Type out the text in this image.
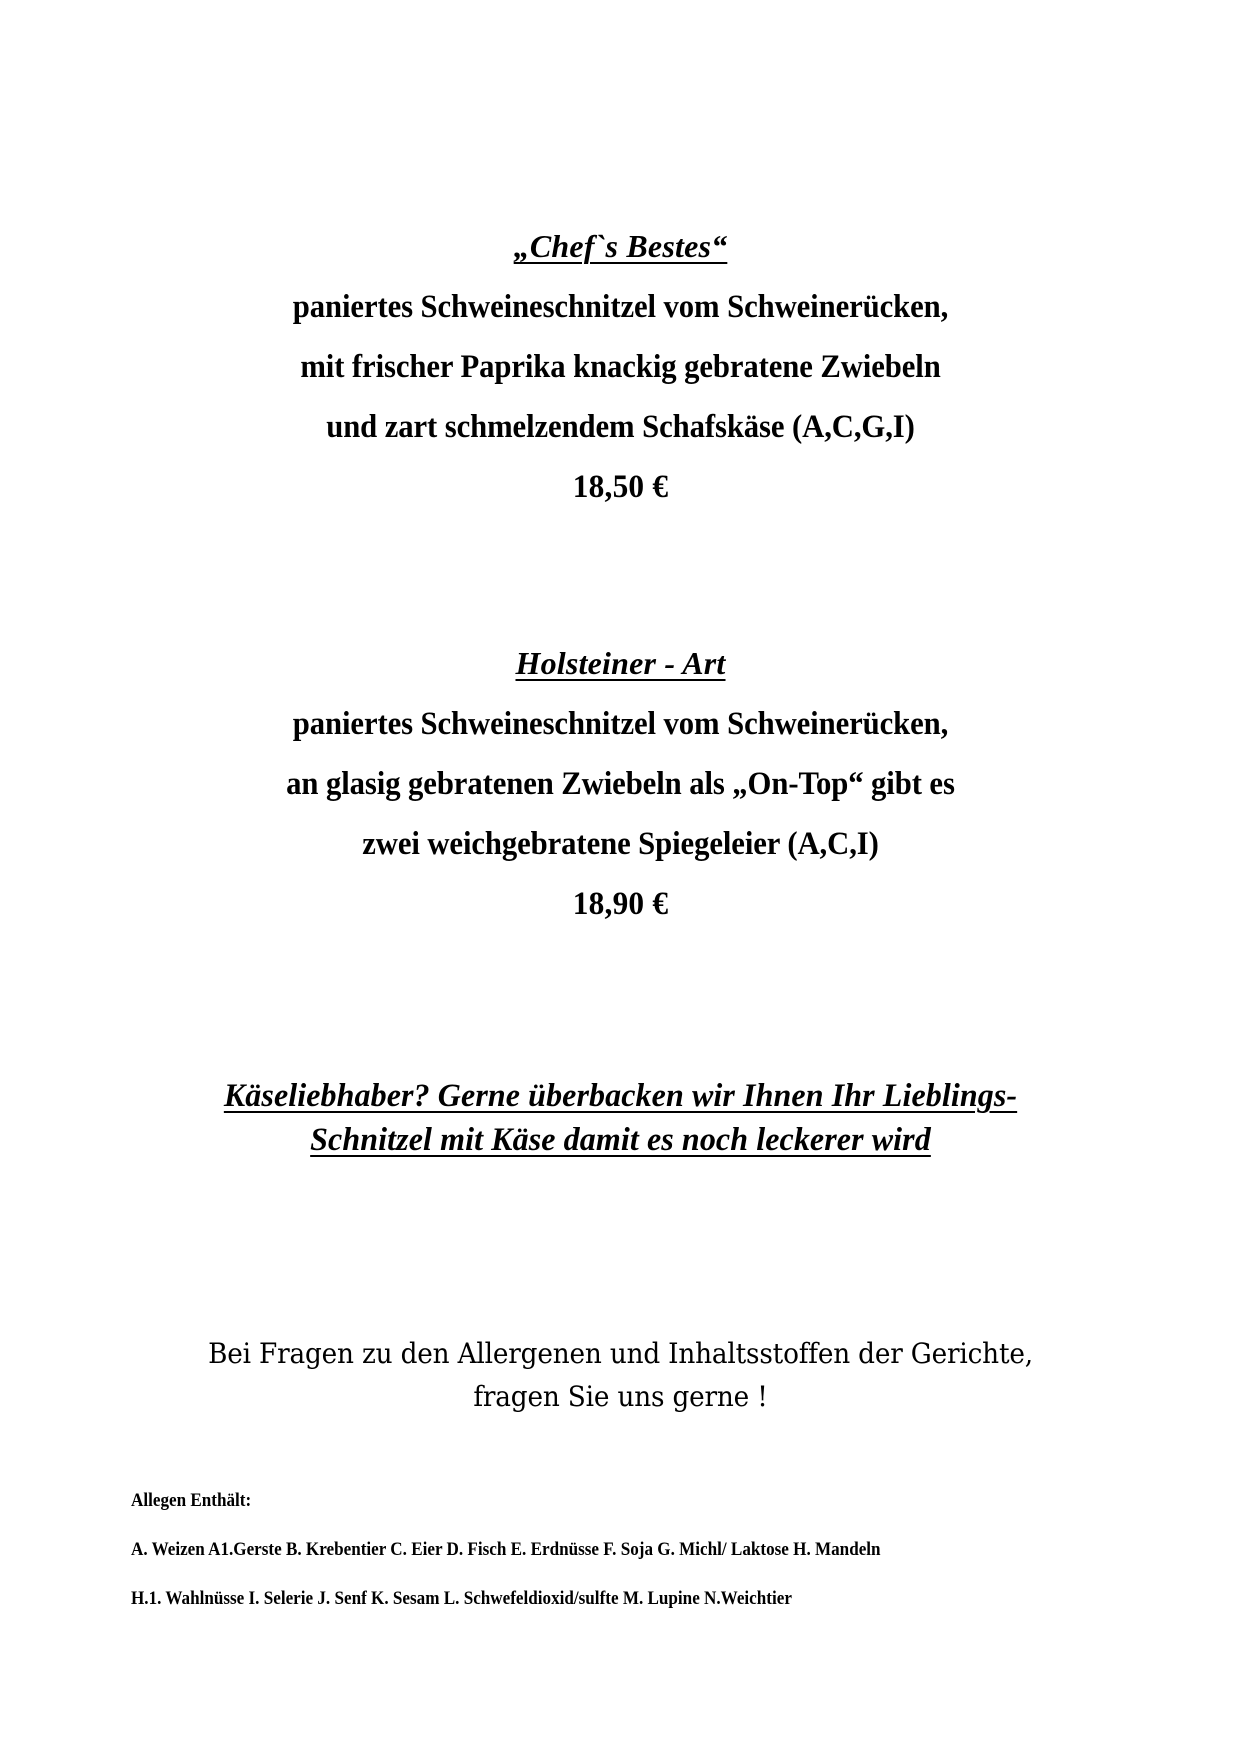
„Chef`s Bestes“
paniertes Schweineschnitzel vom Schweinerücken,
mit frischer Paprika knackig gebratene Zwiebeln
und zart schmelzendem Schafskäse (A,C,G,I)
18,50 €
Holsteiner - Art
paniertes Schweineschnitzel vom Schweinerücken,
an glasig gebratenen Zwiebeln als „On-Top“ gibt es
zwei weichgebratene Spiegeleier (A,C,I)
18,90 €
Käseliebhaber? Gerne überbacken wir Ihnen Ihr Lieblings-
Schnitzel mit Käse damit es noch leckerer wird
Bei Fragen zu den Allergenen und Inhaltsstoffen der Gerichte,
fragen Sie uns gerne !
Allegen Enthält:
A. Weizen A1.Gerste B. Krebentier C. Eier D. Fisch E. Erdnüsse F. Soja G. Michl/ Laktose H. Mandeln
H.1. Wahlnüsse I. Selerie J. Senf K. Sesam L. Schwefeldioxid/sulfte M. Lupine N.Weichtier
